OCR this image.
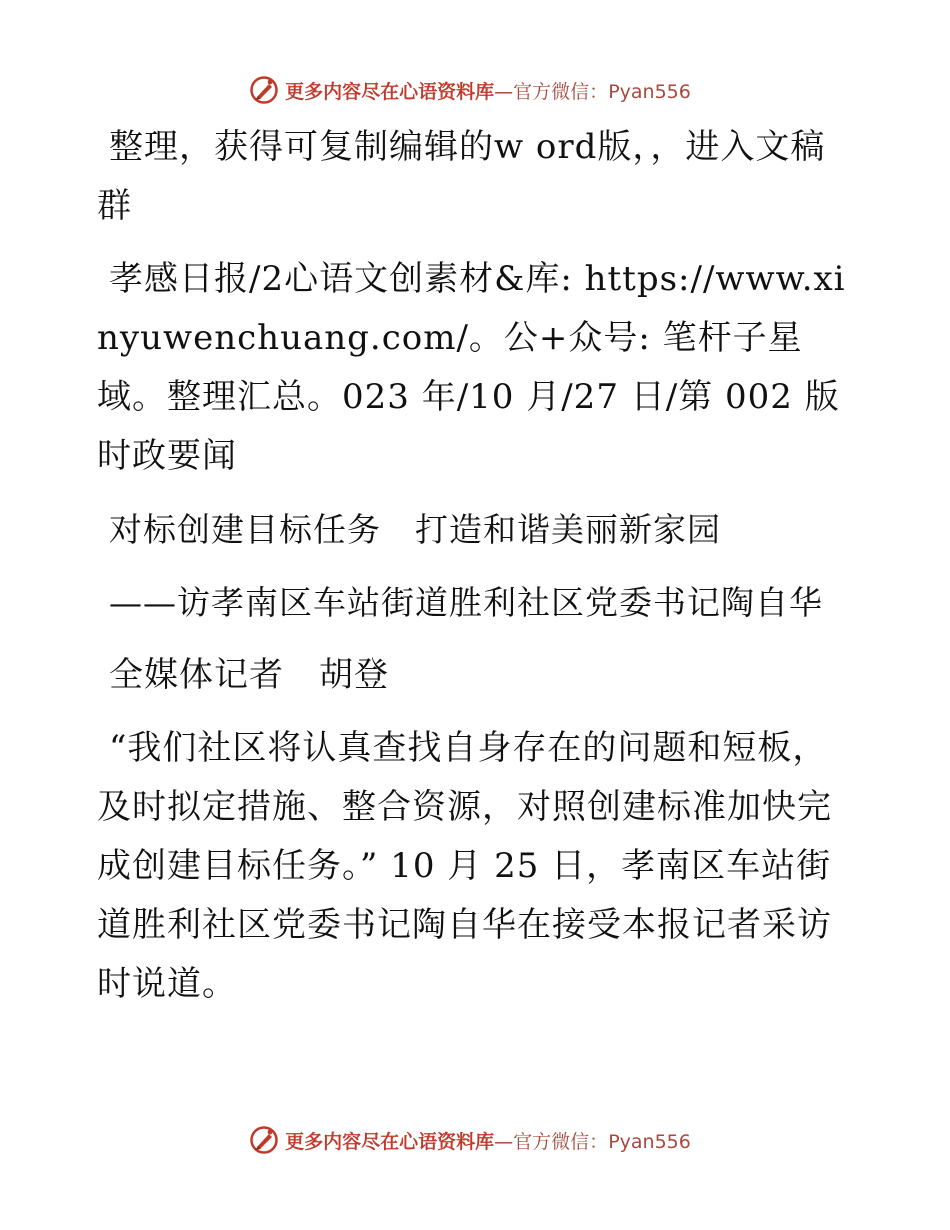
更多内容尽在心语资料库—官方微信：Pyan556

整理，获得可复制编辑的w ord版，，进入文稿群

孝感日报/2心语文创素材&库: https://www.xinyuwenchuang.com/。公+众号: 笔杆子星域。整理汇总。023 年/10 月/27 日/第 002 版时政要闻

对标创建目标任务　打造和谐美丽新家园

——访孝南区车站街道胜利社区党委书记陶自华

全媒体记者　胡登

“我们社区将认真查找自身存在的问题和短板，及时拟定措施、整合资源，对照创建标准加快完成创建目标任务。” 10 月 25 日，孝南区车站街道胜利社区党委书记陶自华在接受本报记者采访时说道。

更多内容尽在心语资料库—官方微信：Pyan556
